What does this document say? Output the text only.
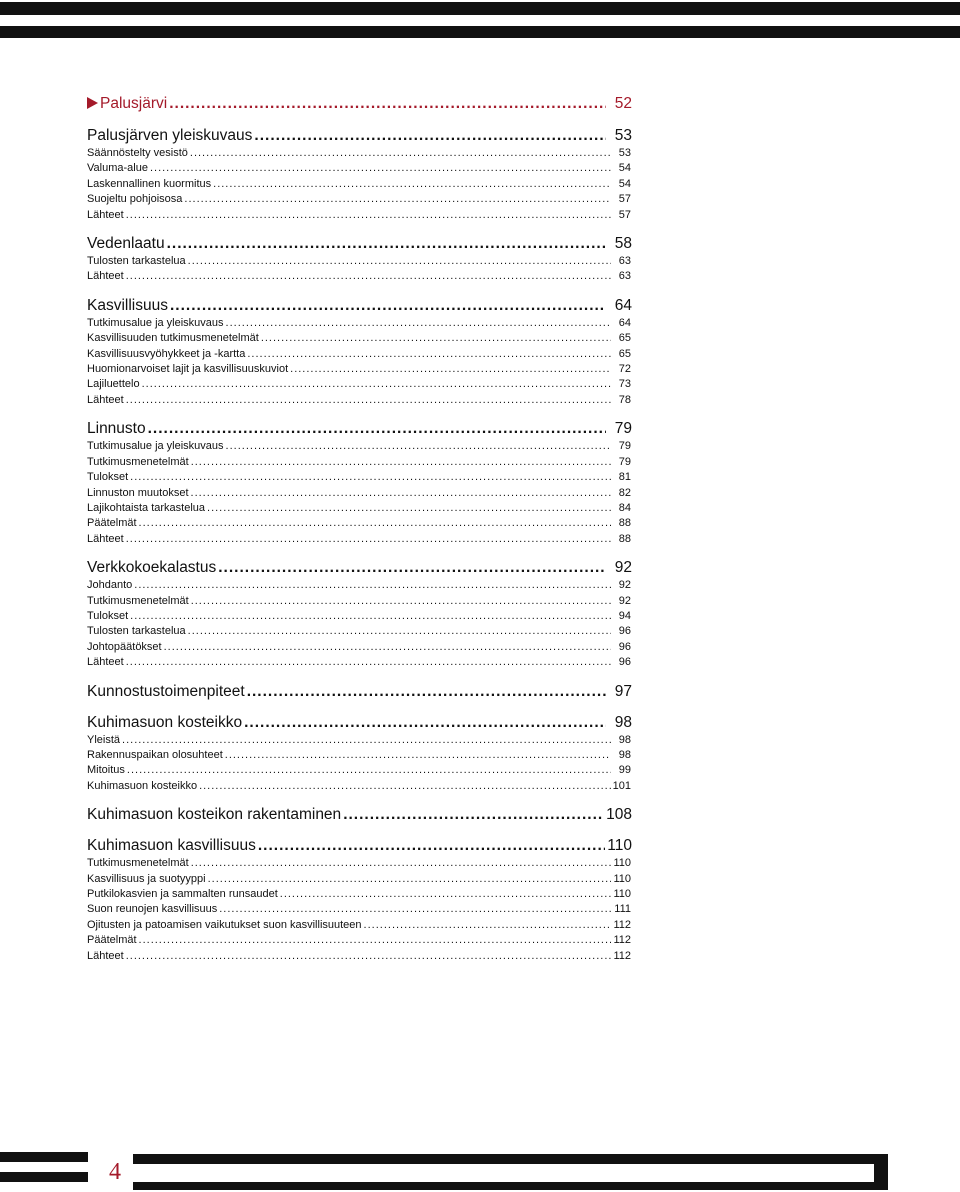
Palusjärvi .....	52
Palusjärven yleiskuvaus .....	53
Säännöstelty vesistö .....	53
Valuma-alue .....	54
Laskennallinen kuormitus .....	54
Suojeltu pohjoisosa .....	57
Lähteet .....	57
Vedenlaatu .....	58
Tulosten tarkastelua .....	63
Lähteet .....	63
Kasvillisuus .....	64
Tutkimusalue ja yleiskuvaus .....	64
Kasvillisuuden tutkimusmenetelmät .....	65
Kasvillisuusvyöhykkeet ja -kartta .....	65
Huomionarvoiset lajit ja kasvillisuuskuviot .....	72
Lajiluettelo .....	73
Lähteet .....	78
Linnusto .....	79
Tutkimusalue ja yleiskuvaus .....	79
Tutkimusmenetelmät .....	79
Tulokset .....	81
Linnuston muutokset .....	82
Lajikohtaista tarkastelua .....	84
Päätelmät .....	88
Lähteet .....	88
Verkkokoekalastus .....	92
Johdanto .....	92
Tutkimusmenetelmät .....	92
Tulokset .....	94
Tulosten tarkastelua .....	96
Johtopäätökset .....	96
Lähteet .....	96
Kunnostustoimenpiteet .....	97
Kuhimasuon kosteikko .....	98
Yleistä .....	98
Rakennuspaikan olosuhteet .....	98
Mitoitus .....	99
Kuhimasuon kosteikko .....	101
Kuhimasuon kosteikon rakentaminen .....	108
Kuhimasuon kasvillisuus .....	110
Tutkimusmenetelmät .....	110
Kasvillisuus ja suotyyppi .....	110
Putkilokasvien ja sammalten runsaudet .....	110
Suon reunojen kasvillisuus .....	111
Ojitusten ja patoamisen vaikutukset suon kasvillisuuteen .....	112
Päätelmät .....	112
Lähteet .....	112
4
